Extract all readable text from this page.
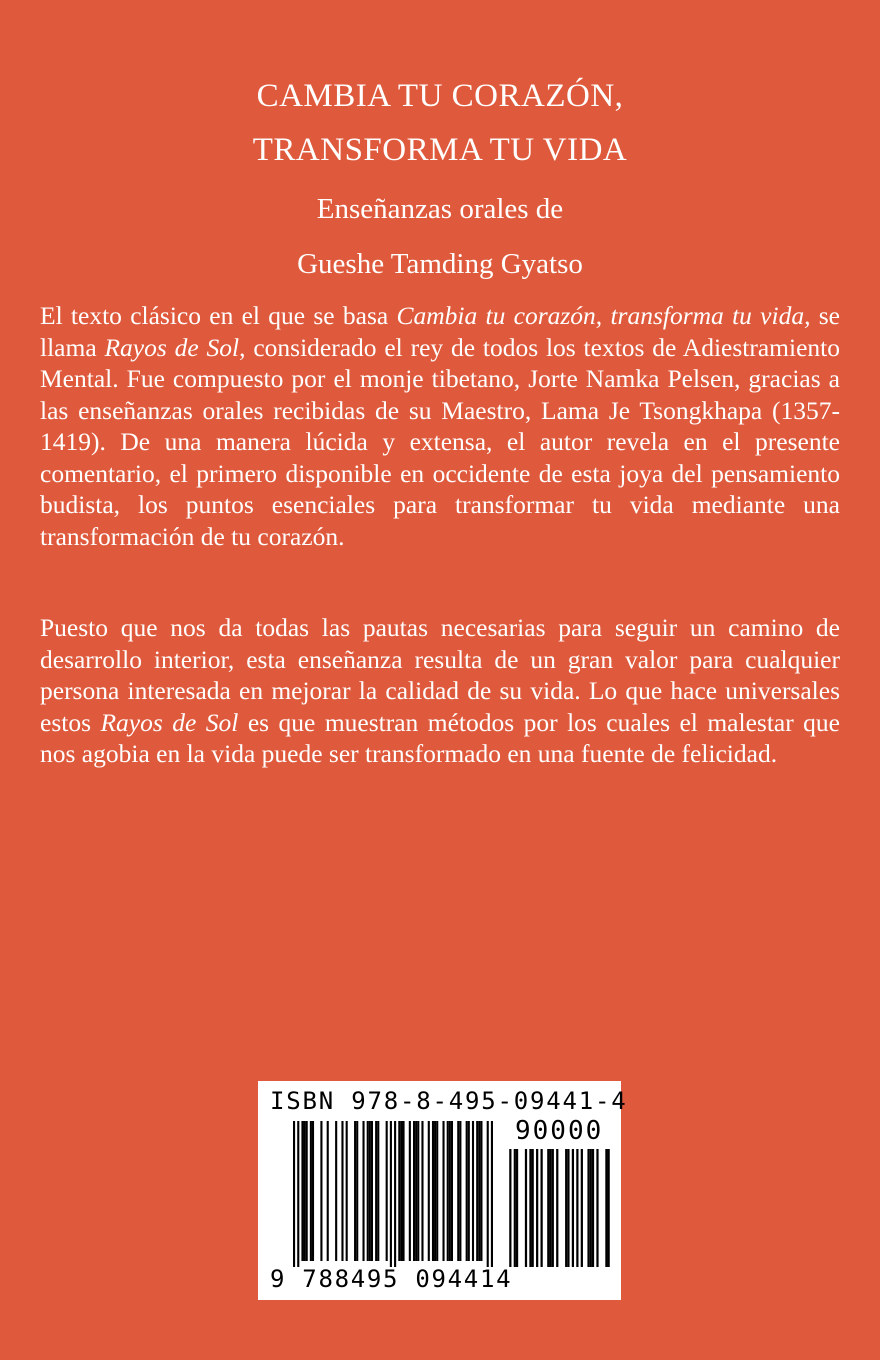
CAMBIA TU CORAZÓN,
TRANSFORMA TU VIDA
Enseñanzas orales de
Gueshe Tamding Gyatso

El texto clásico en el que se basa Cambia tu corazón, transforma tu vida, se llama Rayos de Sol, considerado el rey de todos los textos de Adiestramiento Mental. Fue compuesto por el monje tibetano, Jorte Namka Pelsen, gracias a las enseñanzas orales recibidas de su Maestro, Lama Je Tsongkhapa (1357-1419). De una manera lúcida y extensa, el autor revela en el presente comentario, el primero disponible en occidente de esta joya del pensamiento budista, los puntos esenciales para transformar tu vida mediante una transformación de tu corazón.

Puesto que nos da todas las pautas necesarias para seguir un camino de desarrollo interior, esta enseñanza resulta de un gran valor para cualquier persona interesada en mejorar la calidad de su vida. Lo que hace universales estos Rayos de Sol es que muestran métodos por los cuales el malestar que nos agobia en la vida puede ser transformado en una fuente de felicidad.

ISBN 978-8-495-09441-4
90000
9 788495 094414
